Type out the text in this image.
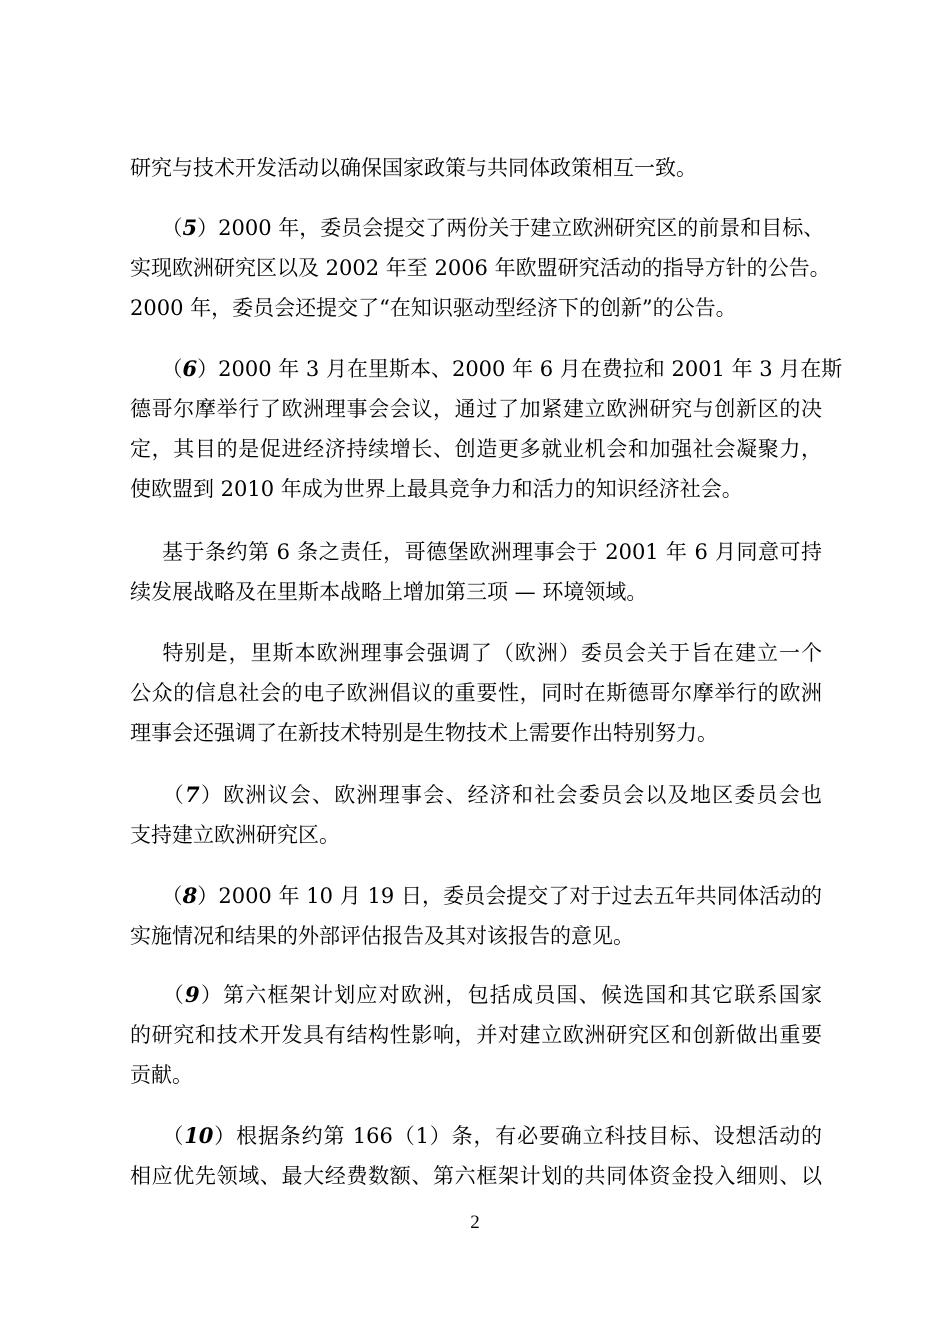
研究与技术开发活动以确保国家政策与共同体政策相互一致。
  （5）2000 年，委员会提交了两份关于建立欧洲研究区的前景和目标、
实现欧洲研究区以及 2002 年至 2006 年欧盟研究活动的指导方针的公告。
2000 年，委员会还提交了“在知识驱动型经济下的创新”的公告。
  （6）2000 年 3 月在里斯本、2000 年 6 月在费拉和 2001 年 3 月在斯
德哥尔摩举行了欧洲理事会会议，通过了加紧建立欧洲研究与创新区的决
定，其目的是促进经济持续增长、创造更多就业机会和加强社会凝聚力，
使欧盟到 2010 年成为世界上最具竞争力和活力的知识经济社会。
  基于条约第 6 条之责任，哥德堡欧洲理事会于 2001 年 6 月同意可持
续发展战略及在里斯本战略上增加第三项 — 环境领域。
  特别是，里斯本欧洲理事会强调了（欧洲）委员会关于旨在建立一个
公众的信息社会的电子欧洲倡议的重要性，同时在斯德哥尔摩举行的欧洲
理事会还强调了在新技术特别是生物技术上需要作出特别努力。
  （7）欧洲议会、欧洲理事会、经济和社会委员会以及地区委员会也
支持建立欧洲研究区。
  （8）2000 年 10 月 19 日，委员会提交了对于过去五年共同体活动的
实施情况和结果的外部评估报告及其对该报告的意见。
  （9）第六框架计划应对欧洲，包括成员国、候选国和其它联系国家
的研究和技术开发具有结构性影响，并对建立欧洲研究区和创新做出重要
贡献。
  （10）根据条约第 166（1）条，有必要确立科技目标、设想活动的
相应优先领域、最大经费数额、第六框架计划的共同体资金投入细则、以
2
